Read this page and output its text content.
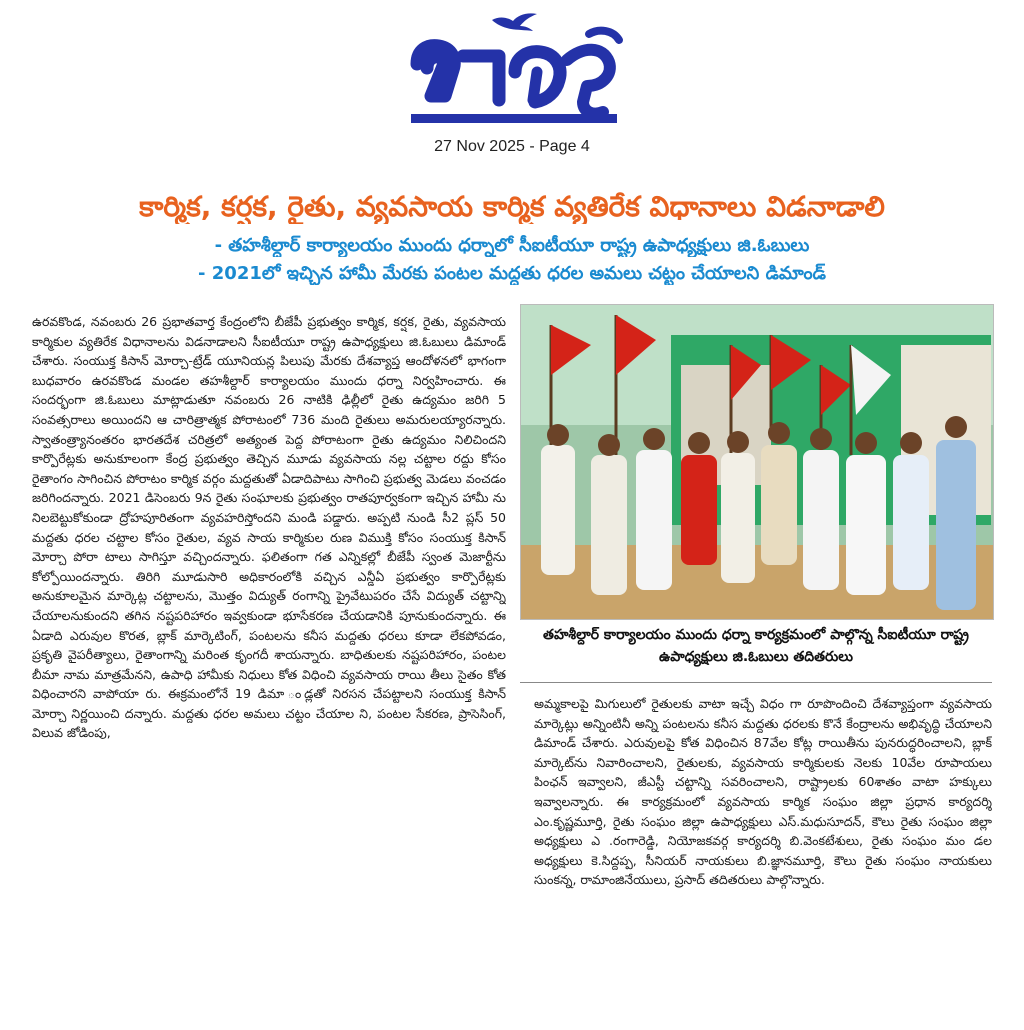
27 Nov 2025 - Page 4
కార్మిక, కర్షక, రైతు, వ్యవసాయ కార్మిక వ్యతిరేక విధానాలు విడనాడాలి
- తహశీల్దార్ కార్యాలయం ముందు ధర్నాలో సీఐటీయూ రాష్ట్ర ఉపాధ్యక్షులు జి.ఓబులు
- 2021లో ఇచ్చిన హామీ మేరకు పంటల మద్దతు ధరల అమలు చట్టం చేయాలని డిమాండ్

ఉరవకొండ, నవంబరు 26 ప్రభాతవార్త కేంద్రంలోని బీజేపీ ప్రభుత్వం కార్మిక, కర్షక, రైతు, వ్యవసాయ కార్మికుల వ్యతిరేక విధానాలను విడనాడాలని సీఐటీయూ రాష్ట్ర ఉపాధ్యక్షులు జి.ఓబులు డిమాండ్ చేశారు. సంయుక్త కిసాన్ మోర్చా-ట్రేడ్ యూనియన్ల పిలుపు మేరకు దేశవ్యాప్త ఆందోళనలో భాగంగా బుధవారం ఉరవకొండ మండల తహశీల్దార్ కార్యాలయం ముందు ధర్నా నిర్వహించారు. ఈ సందర్భంగా జి.ఓబులు మాట్లాడుతూ నవంబరు 26 నాటికి ఢిల్లీలో రైతు ఉద్యమం జరిగి 5 సంవత్సరాలు అయిందని ఆ చారిత్రాత్మక పోరాటంలో 736 మంది రైతులు అమరులయ్యారన్నారు. స్వాతంత్ర్యానంతరం భారతదేశ చరిత్రలో అత్యంత పెద్ద పోరాటంగా రైతు ఉద్యమం నిలిచిందని కార్పొరేట్లకు అనుకూలంగా కేంద్ర ప్రభుత్వం తెచ్చిన మూడు వ్యవసాయ నల్ల చట్టాల రద్దు కోసం రైతాంగం సాగించిన పోరాటం కార్మిక వర్గం మద్దతుతో ఏడాదిపాటు సాగించి ప్రభుత్వ మెడలు వంచడం జరిగిందన్నారు. 2021 డిసెంబరు 9న రైతు సంఘాలకు ప్రభుత్వం రాతపూర్వకంగా ఇచ్చిన హామీ ను నిలబెట్టుకోకుండా ద్రోహపూరితంగా వ్యవహరిస్తోందని మండి పడ్డారు. అప్పటి నుండి సీ2 ప్లస్ 50 మద్దతు ధరల చట్టాల కోసం రైతుల, వ్యవ సాయ కార్మికుల రుణ విముక్తి కోసం సంయుక్త కిసాన్ మోర్చా పోరా టాలు సాగిస్తూ వచ్చిందన్నారు. ఫలితంగా గత ఎన్నికల్లో బీజేపీ స్వంత మెజార్టీను కోల్పోయిందన్నారు. తిరిగి మూడుసారి అధికారంలోకి వచ్చిన ఎన్డీఏ ప్రభుత్వం కార్పొరేట్లకు అనుకూలమైన మార్కెట్ల చట్టాలను, మొత్తం విద్యుత్ రంగాన్ని ప్రైవేటుపరం చేసే విద్యుత్ చట్టాన్ని చేయాలనుకుందని తగిన నష్టపరిహారం ఇవ్వకుండా భూసేకరణ చేయడానికి పూనుకుందన్నారు. ఈ ఏడాది ఎరువుల కొరత, బ్లాక్ మార్కెటింగ్, పంటలను కనీస మద్దతు ధరలు కూడా లేకపోవడం, ప్రకృతి వైపరీత్యాలు, రైతాంగాన్ని మరింత కృంగదీ శాయన్నారు. బాధితులకు నష్టపరిహారం, పంటల బీమా నామ మాత్రమేనని, ఉపాధి హామీకు నిధులు కోత విధించి వ్యవసాయ రాయి తీలు సైతం కోత విధించారని వాపోయా రు. ఈక్రమంలోనే 19 డిమా ండ్లతో నిరసన చేపట్టాలని సంయుక్త కిసాన్ మోర్చా నిర్ణయించి దన్నారు. మద్దతు ధరల అమలు చట్టం చేయాల ని, పంటల సేకరణ, ప్రాసెసింగ్, విలువ జోడింపు,

తహశీల్దార్ కార్యాలయం ముందు ధర్నా కార్యక్రమంలో పాల్గొన్న సీఐటీయూ రాష్ట్ర ఉపాధ్యక్షులు జి.ఓబులు తదితరులు

అమ్మకాలపై మిగులులో రైతులకు వాటా ఇచ్చే విధం గా రూపొందించి దేశవ్యాప్తంగా వ్యవసాయ మార్కెట్లు అన్నింటినీ అన్ని పంటలను కనీస మద్దతు ధరలకు కొనే కేంద్రాలను అభివృద్ధి చేయాలని డిమాండ్ చేశారు. ఎరువులపై కోత విధించిన 87వేల కోట్ల రాయితీను పునరుద్ధరించాలని, బ్లాక్ మార్కెట్‌ను నివారించాలని, రైతులకు, వ్యవసాయ కార్మికులకు నెలకు 10వేల రూపాయలు పింఛన్ ఇవ్వాలని, జీఎస్టీ చట్టాన్ని సవరించాలని, రాష్ట్రాలకు 60శాతం వాటా హక్కులు ఇవ్వాలన్నారు. ఈ కార్యక్రమంలో వ్యవసాయ కార్మిక సంఘం జిల్లా ప్రధాన కార్యదర్శి ఎం.కృష్ణమూర్తి, రైతు సంఘం జిల్లా ఉపాధ్యక్షులు ఎస్.మధుసూదన్, కౌలు రైతు సంఘం జిల్లా అధ్యక్షులు ఎ .రంగారెడ్డి, నియోజకవర్గ కార్యదర్శి బి.వెంకటేశులు, రైతు సంఘం మం డల అధ్యక్షులు కె.సిద్దప్ప, సీనియర్ నాయకులు బి.జ్ఞానమూర్తి, కౌలు రైతు సంఘం నాయకులు సుంకన్న, రామాంజినేయులు, ప్రసాద్ తదితరులు పాల్గొన్నారు.
